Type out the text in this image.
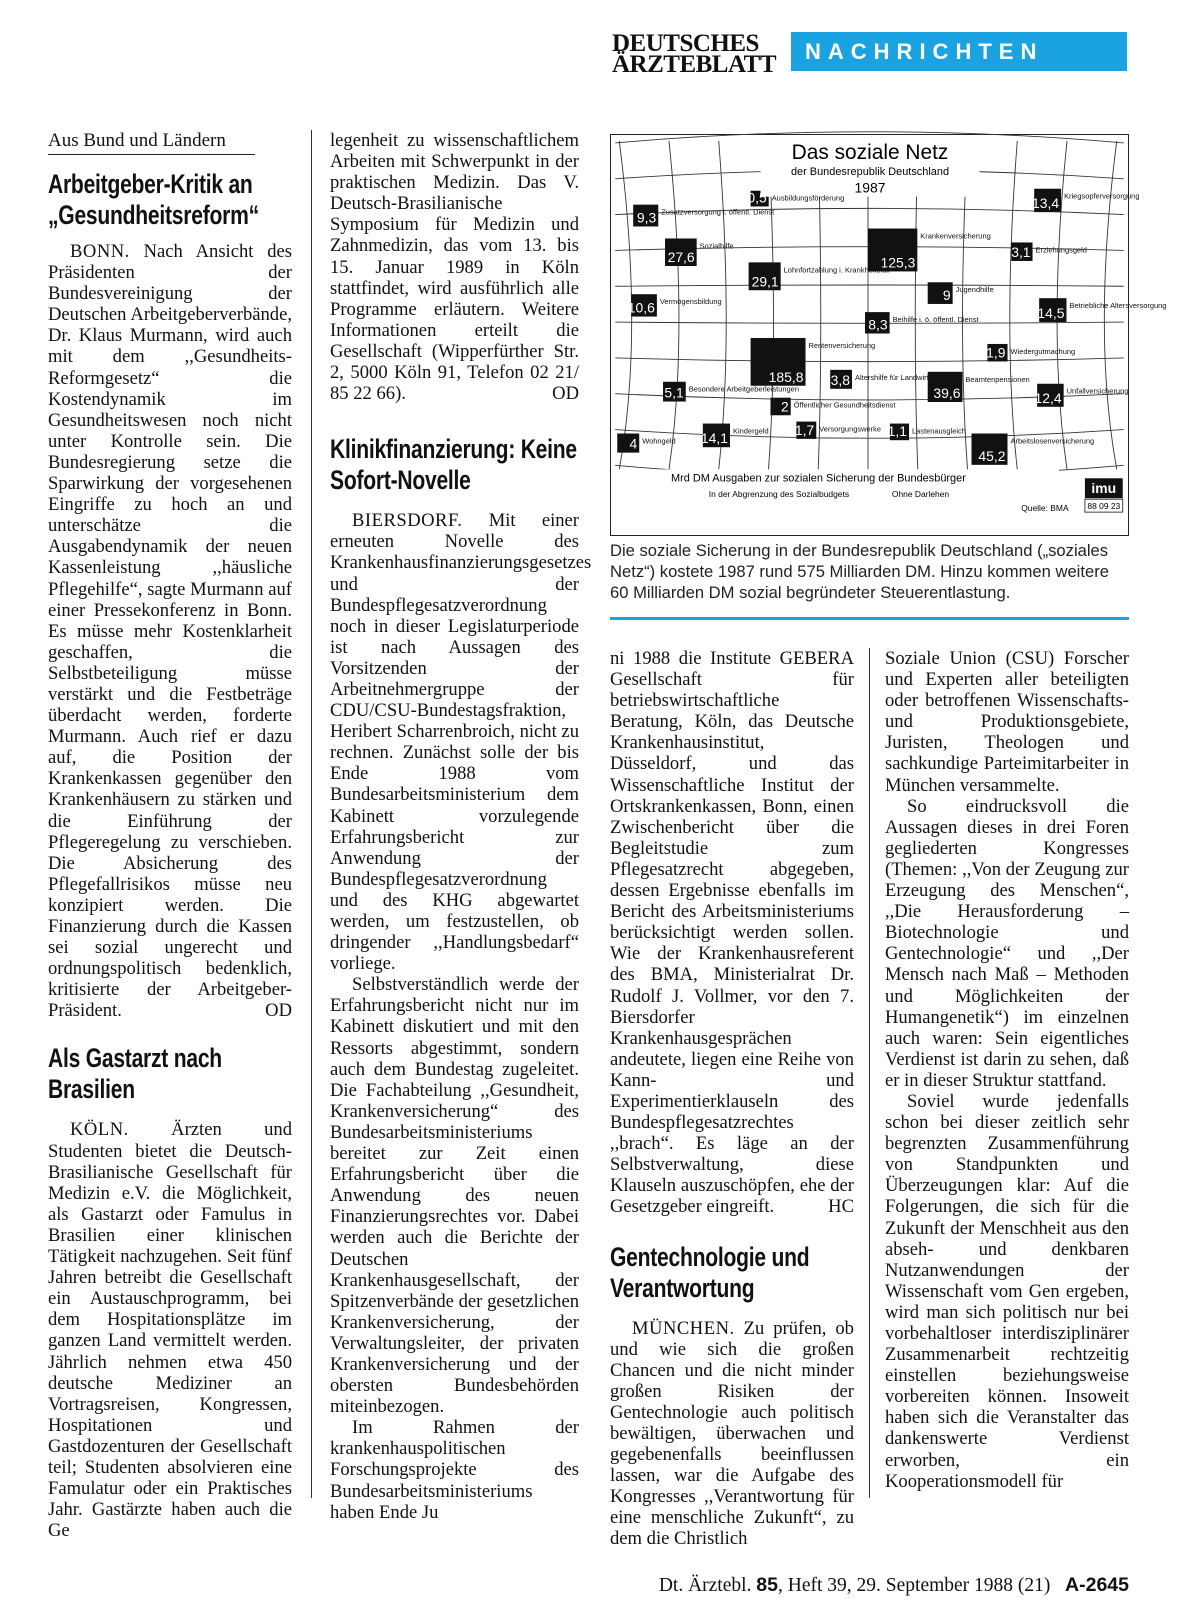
DEUTSCHES
ÄRZTEBLATT	NACHRICHTEN
Aus Bund und Ländern
Arbeitgeber-Kritik an „Gesundheitsreform“

BONN. Nach Ansicht des Präsidenten der Bundesvereinigung der Deutschen Arbeitgeberverbände, Dr. Klaus Murmann, wird auch mit dem ,,Gesundheits-Reformgesetz“ die Kostendynamik im Gesundheitswesen noch nicht unter Kontrolle sein. Die Bundesregierung setze die Sparwirkung der vorgesehenen Eingriffe zu hoch an und unterschätze die Ausgabendynamik der neuen Kassenleistung ,,häusliche Pflegehilfe“, sagte Murmann auf einer Pressekonferenz in Bonn. Es müsse mehr Kostenklarheit geschaffen, die Selbstbeteiligung müsse verstärkt und die Festbeträge überdacht werden, forderte Murmann. Auch rief er dazu auf, die Position der Krankenkassen gegenüber den Krankenhäusern zu stärken und die Einführung der Pflegeregelung zu verschieben. Die Absicherung des Pflegefallrisikos müsse neu konzipiert werden. Die Finanzierung durch die Kassen sei sozial ungerecht und ordnungspolitisch bedenklich, kritisierte der Arbeitgeber-Präsident.	OD

Als Gastarzt nach Brasilien

KÖLN. Ärzten und Studenten bietet die Deutsch-Brasilianische Gesellschaft für Medizin e.V. die Möglichkeit, als Gastarzt oder Famulus in Brasilien einer klinischen Tätigkeit nachzugehen. Seit fünf Jahren betreibt die Gesellschaft ein Austauschprogramm, bei dem Hospitationsplätze im ganzen Land vermittelt werden. Jährlich nehmen etwa 450 deutsche Mediziner an Vortragsreisen, Kongressen, Hospitationen und Gastdozenturen der Gesellschaft teil; Studenten absolvieren eine Famulatur oder ein Praktisches Jahr. Gastärzte haben auch die Ge

legenheit zu wissenschaftlichem Arbeiten mit Schwerpunkt in der praktischen Medizin. Das V. Deutsch-Brasilianische Symposium für Medizin und Zahnmedizin, das vom 13. bis 15. Januar 1989 in Köln stattfindet, wird ausführlich alle Programme erläutern. Weitere Informationen erteilt die Gesellschaft (Wipperfürther Str. 2, 5000 Köln 91, Telefon 02 21/ 85 22 66).	OD

Klinikfinanzierung: Keine Sofort-Novelle

BIERSDORF. Mit einer erneuten Novelle des Krankenhausfinanzierungsgesetzes und der Bundespflegesatzverordnung noch in dieser Legislaturperiode ist nach Aussagen des Vorsitzenden der Arbeitnehmergruppe der CDU/CSU-Bundestagsfraktion, Heribert Scharrenbroich, nicht zu rechnen. Zunächst solle der bis Ende 1988 vom Bundesarbeitsministerium dem Kabinett vorzulegende Erfahrungsbericht zur Anwendung der Bundespflegesatzverordnung und des KHG abgewartet werden, um festzustellen, ob dringender ,,Handlungsbedarf“ vorliege.

Selbstverständlich werde der Erfahrungsbericht nicht nur im Kabinett diskutiert und mit den Ressorts abgestimmt, sondern auch dem Bundestag zugeleitet. Die Fachabteilung ,,Gesundheit, Krankenversicherung“ des Bundesarbeitsministeriums bereitet zur Zeit einen Erfahrungsbericht über die Anwendung des neuen Finanzierungsrechtes vor. Dabei werden auch die Berichte der Deutschen Krankenhausgesellschaft, der Spitzenverbände der gesetzlichen Krankenversicherung, der Verwaltungsleiter, der privaten Krankenversicherung und der obersten Bundesbehörden miteinbezogen.

Im Rahmen der krankenhauspolitischen Forschungsprojekte des Bundesarbeitsministeriums haben Ende Ju

Das soziale Netz
der Bundesrepublik Deutschland
1987
9,3 Zusatzversorgung i. öffentl. Dienst
0,5 Ausbildungsförderung	13,4 Kriegsopferversorgung
27,6
Sozialhilfe
125,3
Krankenversicherung
3,1 Erziehungsgeld
29,1
Lohnfortzahlung i. Krankheitsfall
10,6 Vermögensbildung	9 Jugendhilfe
14,5 Betriebliche Altersversorgung
8,3 Beihilfe i. ö. öffentl. Dienst
185,8
Rentenversicherung	1,9 Wiedergutmachung
5,1 Besondere Arbeitgeberleistungen
3,8 Altershilfe für Landwirte
39,6
Beamtenpensionen
12,4 Unfallversicherung
2 Öffentlicher Gesundheitsdienst
14,1 Kindergeld
4 Wohngeld
1,7 Versorgungswerke 1,1 Lastenausgleich
45,2
Arbeitslosenversicherung
Mrd DM Ausgaben zur sozialen Sicherung der Bundesbürger
In der Abgrenzung des Sozialbudgets	Ohne Darlehen
Quelle: BMA
imu
88 09 23
Die soziale Sicherung in der Bundesrepublik Deutschland („soziales Netz“) kostete 1987 rund 575 Milliarden DM. Hinzu kommen weitere 60 Milliarden DM sozial begründeter Steuerentlastung.

ni 1988 die Institute GEBERA Gesellschaft für betriebswirtschaftliche Beratung, Köln, das Deutsche Krankenhausinstitut, Düsseldorf, und das Wissenschaftliche Institut der Ortskrankenkassen, Bonn, einen Zwischenbericht über die Begleitstudie zum Pflegesatzrecht abgegeben, dessen Ergebnisse ebenfalls im Bericht des Arbeitsministeriums berücksichtigt werden sollen. Wie der Krankenhausreferent des BMA, Ministerialrat Dr. Rudolf J. Vollmer, vor den 7. Biersdorfer Krankenhausgesprächen andeutete, liegen eine Reihe von Kann- und Experimentierklauseln des Bundespflegesatzrechtes ,,brach“. Es läge an der Selbstverwaltung, diese Klauseln auszuschöpfen, ehe der Gesetzgeber eingreift.	HC

Gentechnologie und Verantwortung

MÜNCHEN. Zu prüfen, ob und wie sich die großen Chancen und die nicht minder großen Risiken der Gentechnologie auch politisch bewältigen, überwachen und gegebenenfalls beeinflussen lassen, war die Aufgabe des Kongresses ,,Verantwortung für eine menschliche Zukunft“, zu dem die Christlich

Soziale Union (CSU) Forscher und Experten aller beteiligten oder betroffenen Wissenschafts- und Produktionsgebiete, Juristen, Theologen und sachkundige Parteimitarbeiter in München versammelte.

So eindrucksvoll die Aussagen dieses in drei Foren gegliederten Kongresses (Themen: ,,Von der Zeugung zur Erzeugung des Menschen“, ,,Die Herausforderung – Biotechnologie und Gentechnologie“ und ,,Der Mensch nach Maß – Methoden und Möglichkeiten der Humangenetik“) im einzelnen auch waren: Sein eigentliches Verdienst ist darin zu sehen, daß er in dieser Struktur stattfand.

Soviel wurde jedenfalls schon bei dieser zeitlich sehr begrenzten Zusammenführung von Standpunkten und Überzeugungen klar: Auf die Folgerungen, die sich für die Zukunft der Menschheit aus den abseh- und denkbaren Nutzanwendungen der Wissenschaft vom Gen ergeben, wird man sich politisch nur bei vorbehaltloser interdisziplinärer Zusammenarbeit rechtzeitig einstellen beziehungsweise vorbereiten können. Insoweit haben sich die Veranstalter das dankenswerte Verdienst erworben, ein Kooperationsmodell für

Dt. Ärztebl. 85, Heft 39, 29. September 1988 (21) A-2645
